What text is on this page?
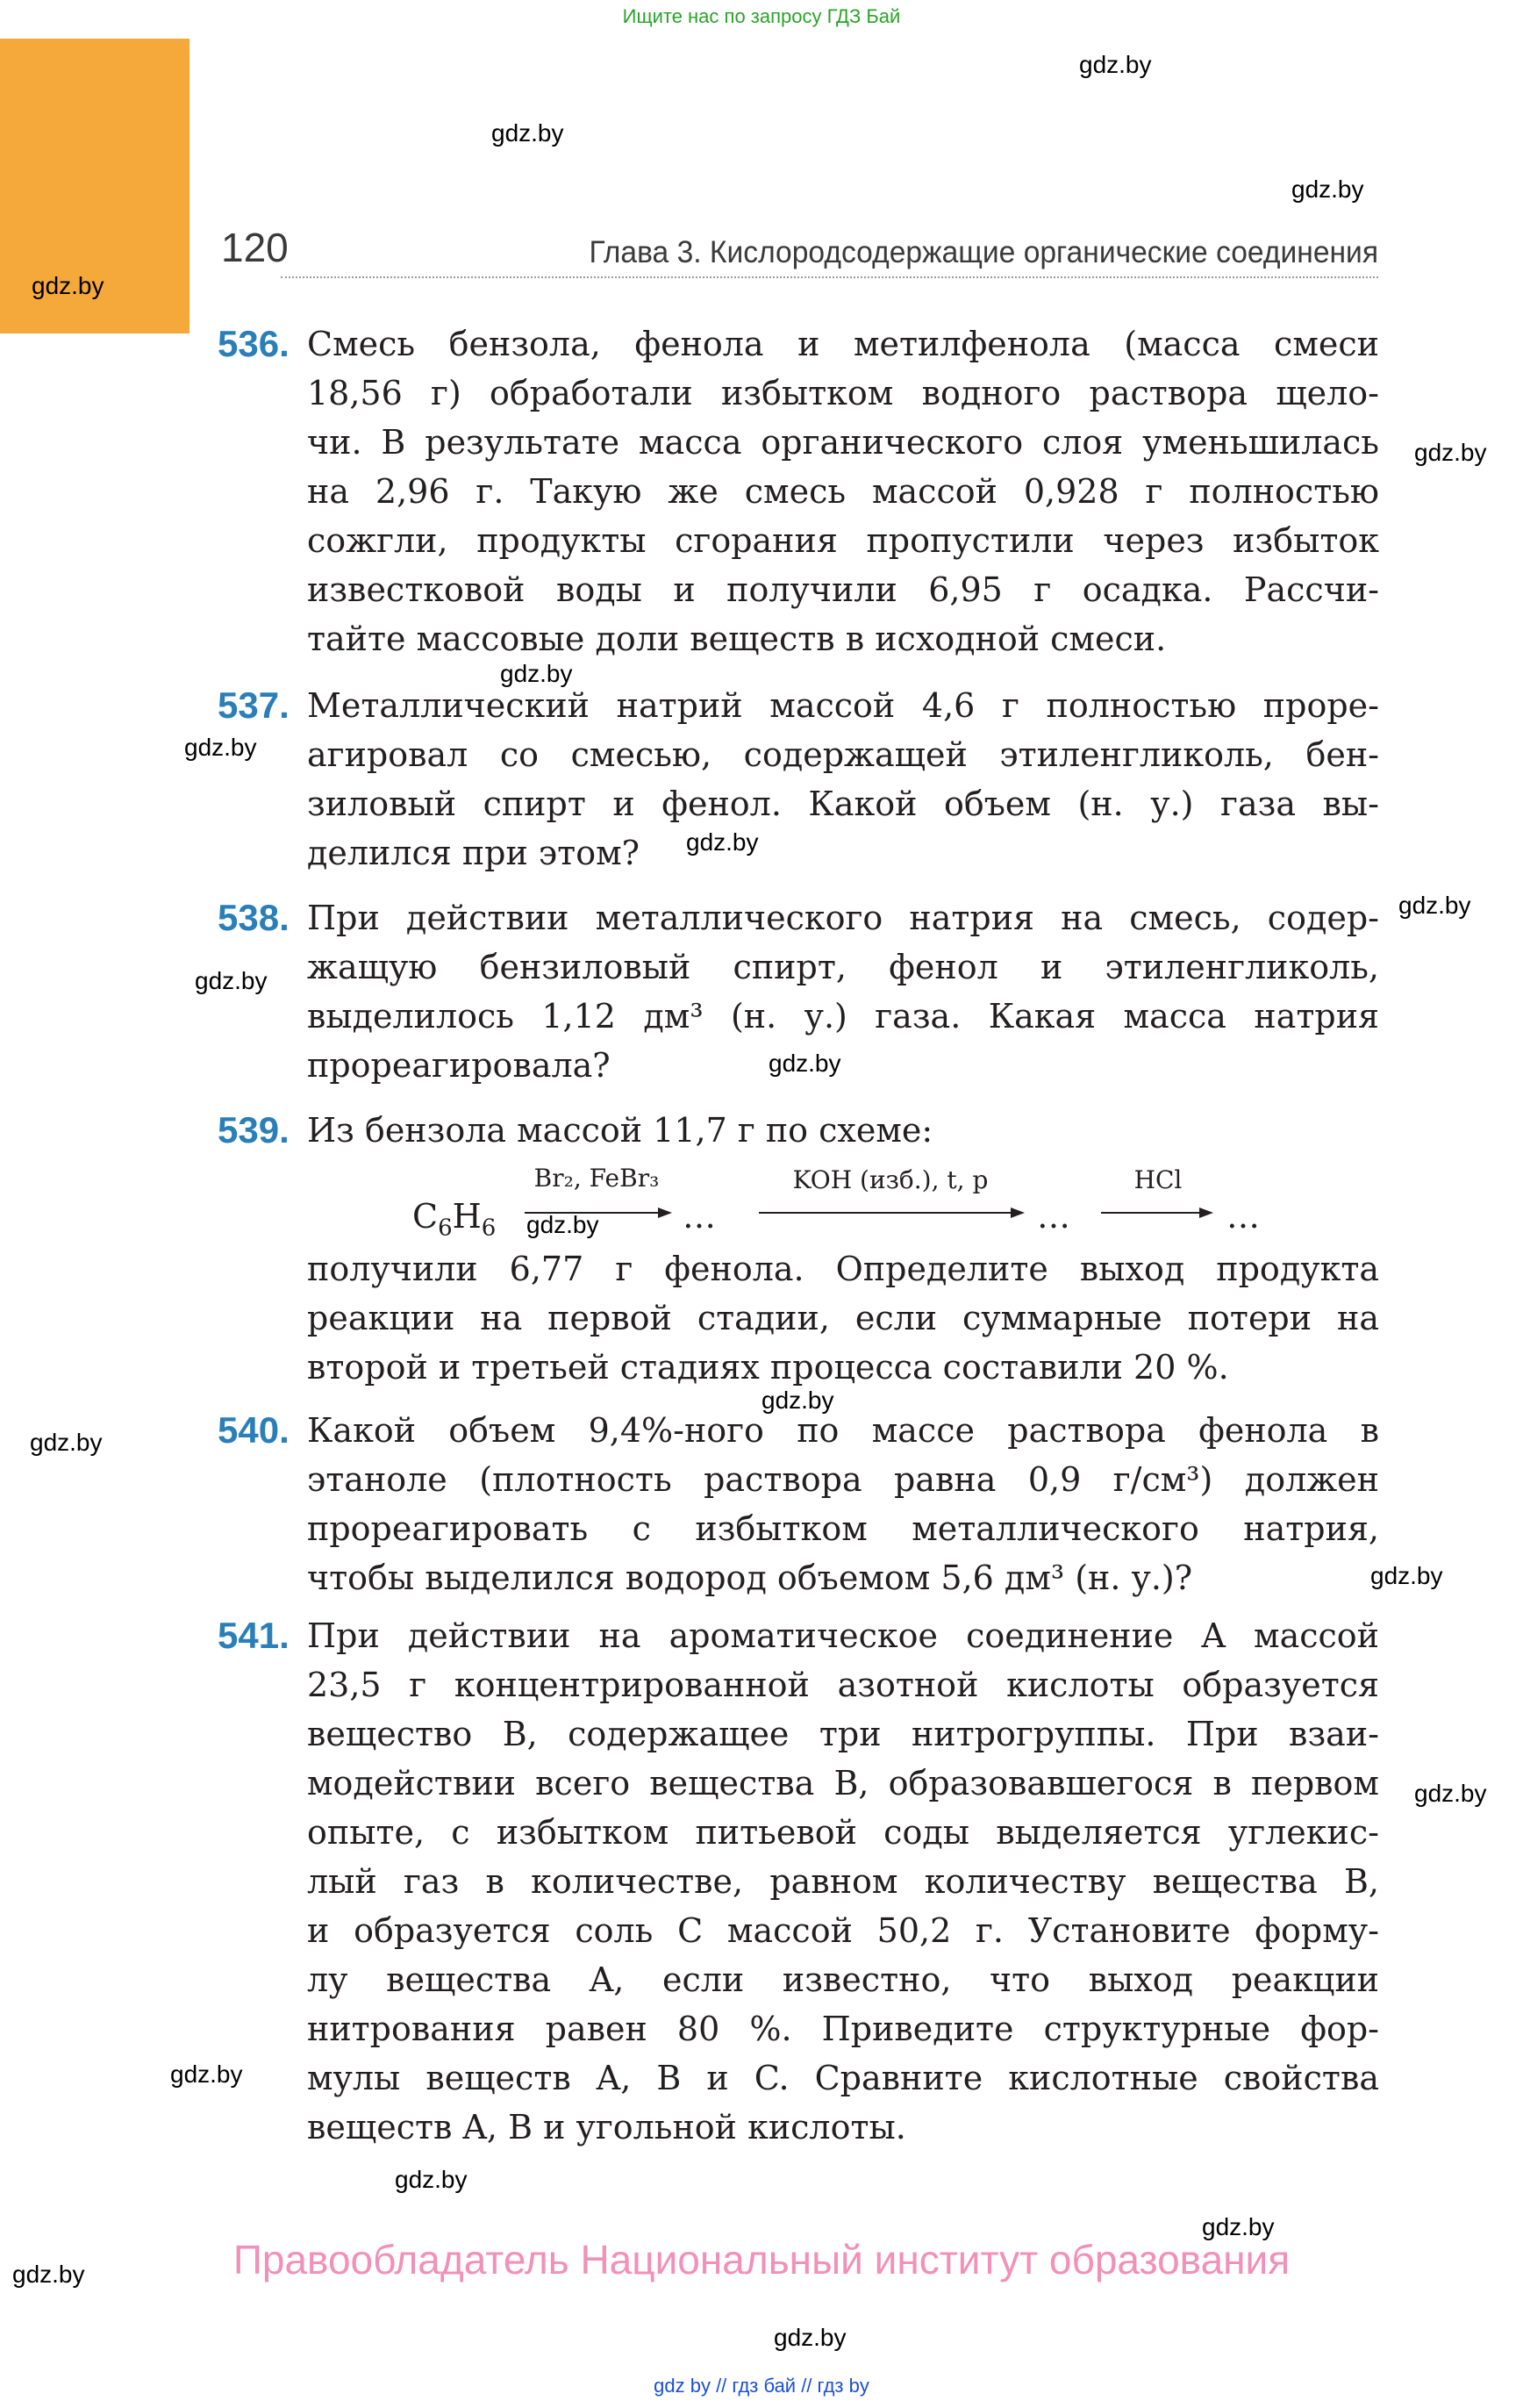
Ищите нас по запросу ГДЗ Бай
120	Глава 3. Кислородсодержащие органические соединения
gdz.by
gdz.by
gdz.by
gdz.by
gdz.by
gdz.by
gdz.by
gdz.by
gdz.by
gdz.by
gdz.by
gdz.by
gdz.by
gdz.by
gdz.by
gdz.by
gdz.by
gdz.by
gdz.by
gdz.by
gdz.by
536. Смесь бензола, фенола и метилфенола (масса смеси
18,56 г) обработали избытком водного раствора щело-
чи. В результате масса органического слоя уменьшилась
на 2,96 г. Такую же смесь массой 0,928 г полностью
сожгли, продукты сгорания пропустили через избыток
известковой воды и получили 6,95 г осадка. Рассчи-
тайте массовые доли веществ в исходной смеси.
537. Металлический натрий массой 4,6 г полностью проре-
агировал со смесью, содержащей этиленгликоль, бен-
зиловый спирт и фенол. Какой объем (н. у.) газа вы-
делился при этом?
538. При действии металлического натрия на смесь, содер-
жащую бензиловый спирт, фенол и этиленгликоль,
выделилось 1,12 дм³ (н. у.) газа. Какая масса натрия
прореагировала?
539. Из бензола массой 11,7 г по схеме:
$C_6H_6$
Br₂, FeBr₃
…
KOH (изб.), t, p
…
HCl
…
получили 6,77 г фенола. Определите выход продукта
реакции на первой стадии, если суммарные потери на
второй и третьей стадиях процесса составили 20 %.
540. Какой объем 9,4%-ного по массе раствора фенола в
этаноле (плотность раствора равна 0,9 г/см³) должен
прореагировать с избытком металлического натрия,
чтобы выделился водород объемом 5,6 дм³ (н. у.)?
541. При действии на ароматическое соединение A массой
23,5 г концентрированной азотной кислоты образуется
вещество B, содержащее три нитрогруппы. При взаи-
модействии всего вещества B, образовавшегося в первом
опыте, с избытком питьевой соды выделяется углекис-
лый газ в количестве, равном количеству вещества B,
и образуется соль C массой 50,2 г. Установите форму-
лу вещества A, если известно, что выход реакции
нитрования равен 80 %. Приведите структурные фор-
мулы веществ A, B и C. Сравните кислотные свойства
веществ A, B и угольной кислоты.
Правообладатель Национальный институт образования
gdz by // гдз бай // гдз by
